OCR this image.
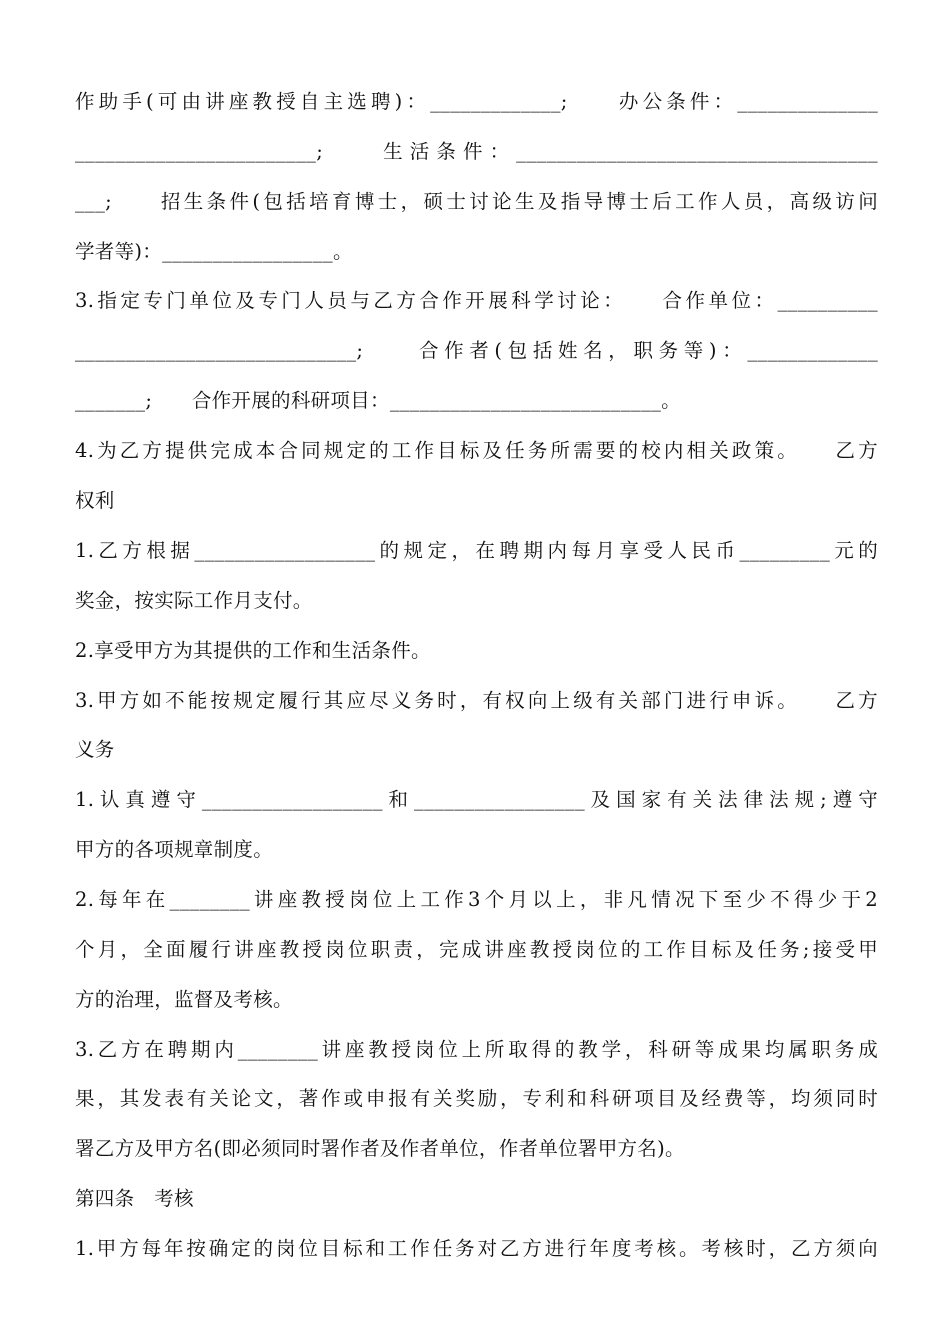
作助手(可由讲座教授自主选聘)：_____________;　　办公条件：______________
________________________;　　生活条件：____________________________________
___;　　招生条件(包括培育博士，硕士讨论生及指导博士后工作人员，高级访问
学者等)：_________________。
3.指定专门单位及专门人员与乙方合作开展科学讨论：　　合作单位：__________
____________________________;　　合作者(包括姓名，职务等)：_____________
_______;　　合作开展的科研项目：___________________________。
4.为乙方提供完成本合同规定的工作目标及任务所需要的校内相关政策。　　乙方
权利
1.乙方根据__________________的规定，在聘期内每月享受人民币_________元的
奖金，按实际工作月支付。
2.享受甲方为其提供的工作和生活条件。
3.甲方如不能按规定履行其应尽义务时，有权向上级有关部门进行申诉。　　乙方
义务
1.认真遵守__________________和_________________及国家有关法律法规;遵守
甲方的各项规章制度。
2.每年在________讲座教授岗位上工作3个月以上，非凡情况下至少不得少于2
个月，全面履行讲座教授岗位职责，完成讲座教授岗位的工作目标及任务;接受甲
方的治理，监督及考核。
3.乙方在聘期内________讲座教授岗位上所取得的教学，科研等成果均属职务成
果，其发表有关论文，著作或申报有关奖励，专利和科研项目及经费等，均须同时
署乙方及甲方名(即必须同时署作者及作者单位，作者单位署甲方名)。
第四条　考核
1.甲方每年按确定的岗位目标和工作任务对乙方进行年度考核。考核时，乙方须向
